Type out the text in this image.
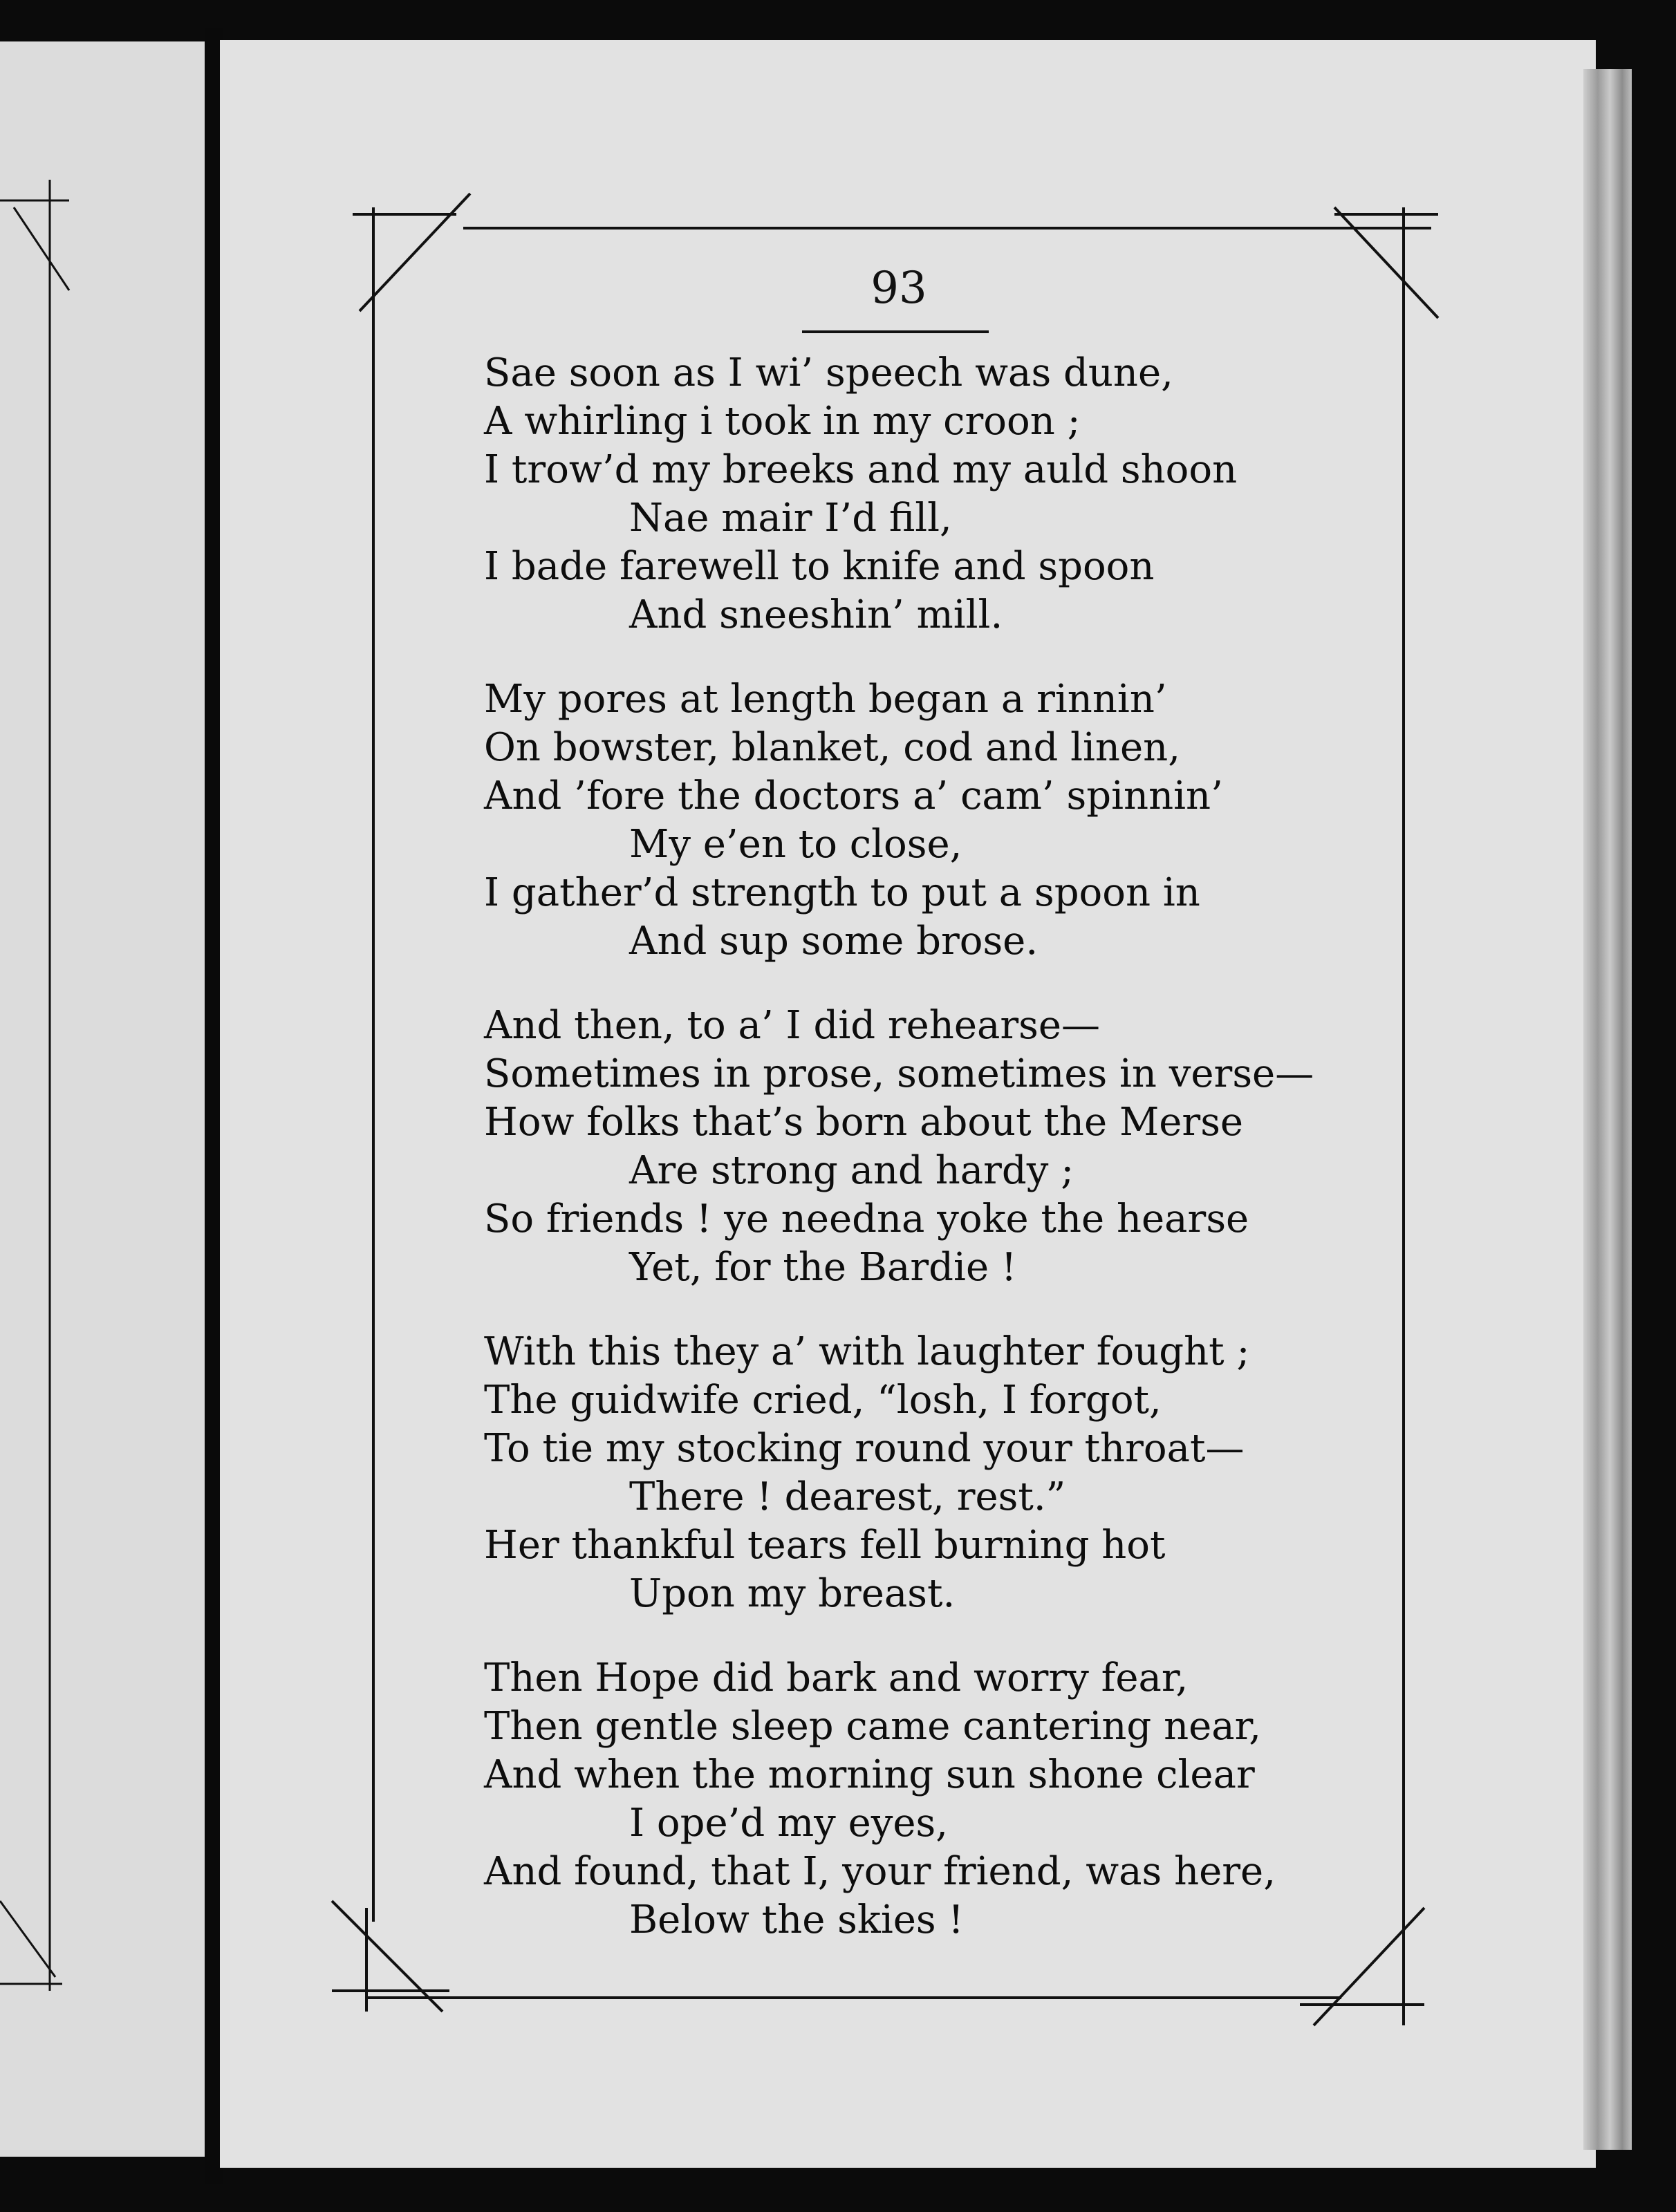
93
Sae soon as I wi’ speech was dune,
A whirling i took in my croon ;
I trow’d my breeks and my auld shoon
Nae mair I’d fill,
I bade farewell to knife and spoon
And sneeshin’ mill.
My pores at length began a rinnin’
On bowster, blanket, cod and linen,
And ’fore the doctors a’ cam’ spinnin’
My e’en to close,
I gather’d strength to put a spoon in
And sup some brose.
And then, to a’ I did rehearse—
Sometimes in prose, sometimes in verse—
How folks that’s born about the Merse
Are strong and hardy ;
So friends ! ye needna yoke the hearse
Yet, for the Bardie !
With this they a’ with laughter fought ;
The guidwife cried, “losh, I forgot,
To tie my stocking round your throat—
There ! dearest, rest.”
Her thankful tears fell burning hot
Upon my breast.
Then Hope did bark and worry fear,
Then gentle sleep came cantering near,
And when the morning sun shone clear
I ope’d my eyes,
And found, that I, your friend, was here,
Below the skies !
